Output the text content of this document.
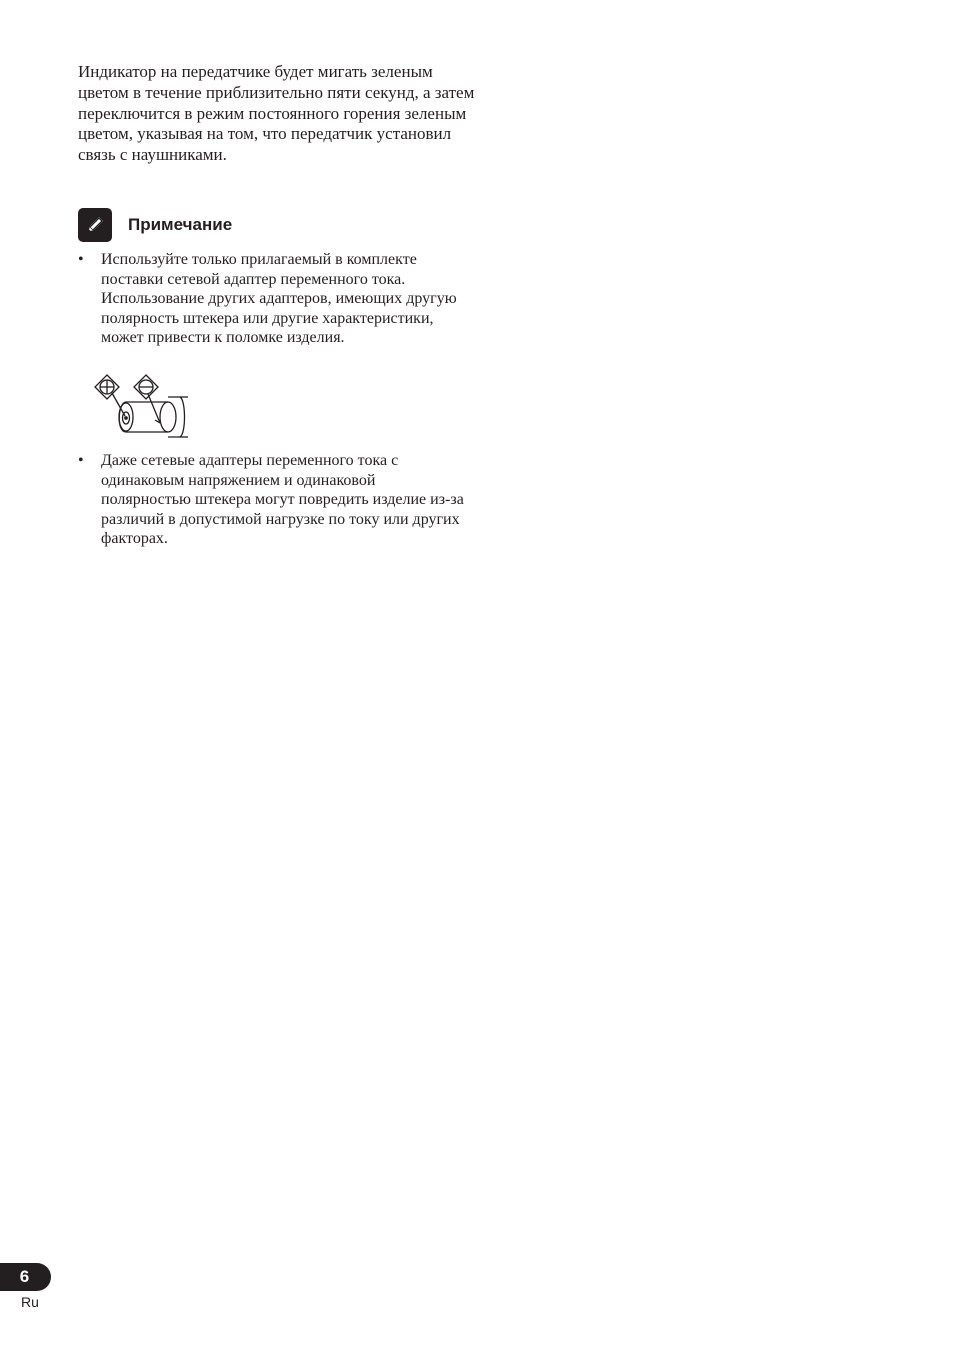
Индикатор на передатчике будет мигать зеленым цветом в течение приблизительно пяти секунд, а затем переключится в режим постоянного горения зеленым цветом, указывая на том, что передатчик установил связь с наушниками.

Примечание
•	Используйте только прилагаемый в комплекте поставки сетевой адаптер переменного тока. Использование других адаптеров, имеющих другую полярность штекера или другие характеристики, может привести к поломке изделия.
•	Даже сетевые адаптеры переменного тока с одинаковым напряжением и одинаковой полярностью штекера могут повредить изделие из-за различий в допустимой нагрузке по току или других факторах.
6
Ru
